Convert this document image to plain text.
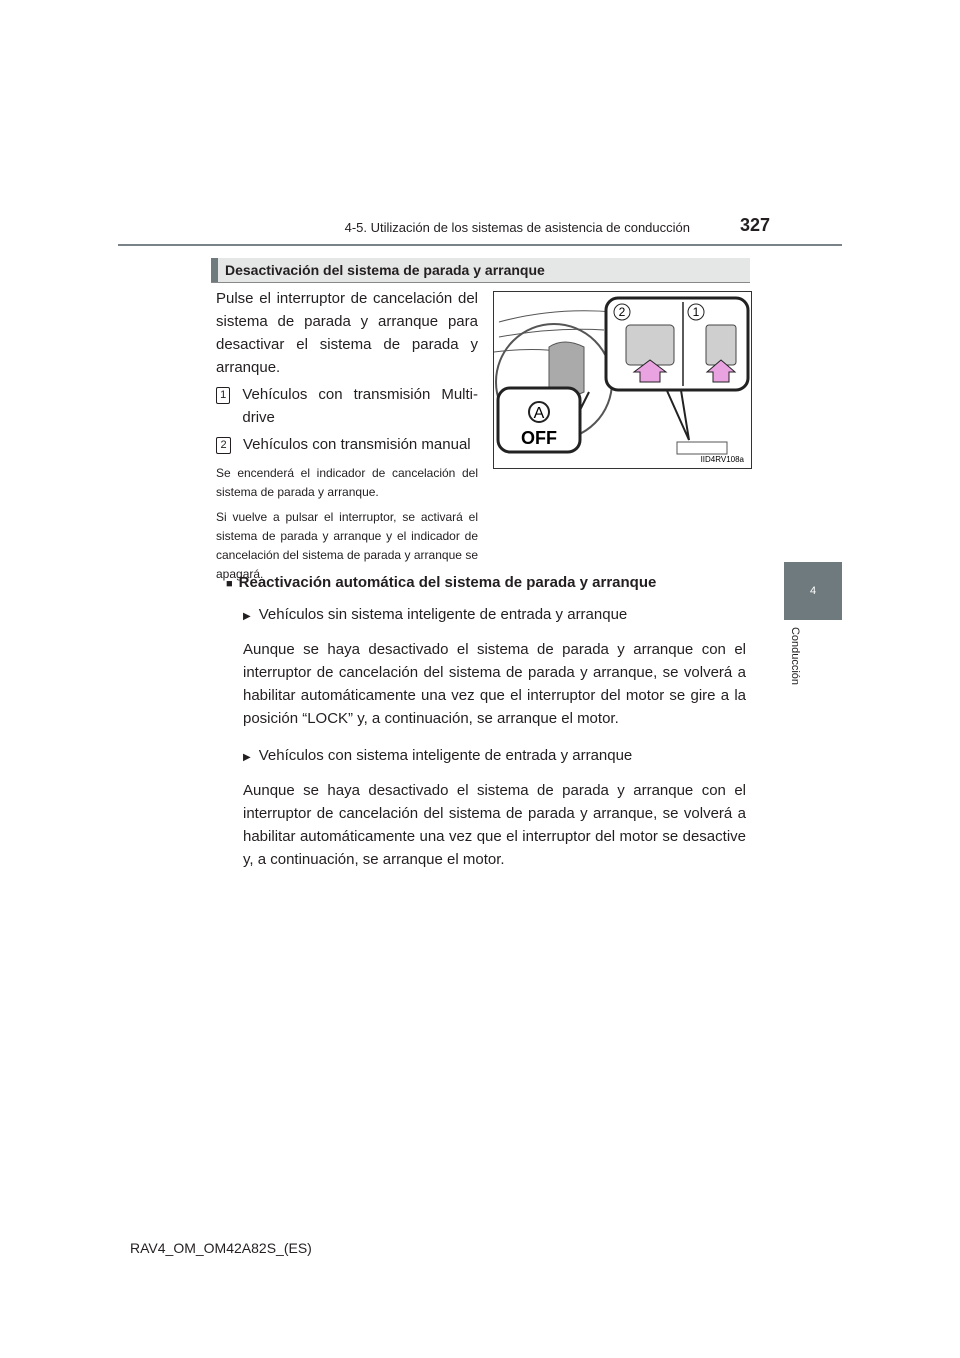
4-5. Utilización de los sistemas de asistencia de conducción	327
4
Conducción
Desactivación del sistema de parada y arranque
Pulse el interruptor de cancelación del sistema de parada y arranque para desactivar el sistema de parada y arranque.
1 Vehículos con transmisión Multi-drive
2 Vehículos con transmisión manual
Se encenderá el indicador de cancelación del sistema de parada y arranque.
Si vuelve a pulsar el interruptor, se activará el sistema de parada y arranque y el indicador de cancelación del sistema de parada y arranque se apagará.
2	1
A
OFF
IID4RV108a
■ Reactivación automática del sistema de parada y arranque
▶ Vehículos sin sistema inteligente de entrada y arranque
Aunque se haya desactivado el sistema de parada y arranque con el interruptor de cancelación del sistema de parada y arranque, se volverá a habilitar automáticamente una vez que el interruptor del motor se gire a la posición “LOCK” y, a continuación, se arranque el motor.
▶ Vehículos con sistema inteligente de entrada y arranque
Aunque se haya desactivado el sistema de parada y arranque con el interruptor de cancelación del sistema de parada y arranque, se volverá a habilitar automáticamente una vez que el interruptor del motor se desactive y, a continuación, se arranque el motor.
RAV4_OM_OM42A82S_(ES)
